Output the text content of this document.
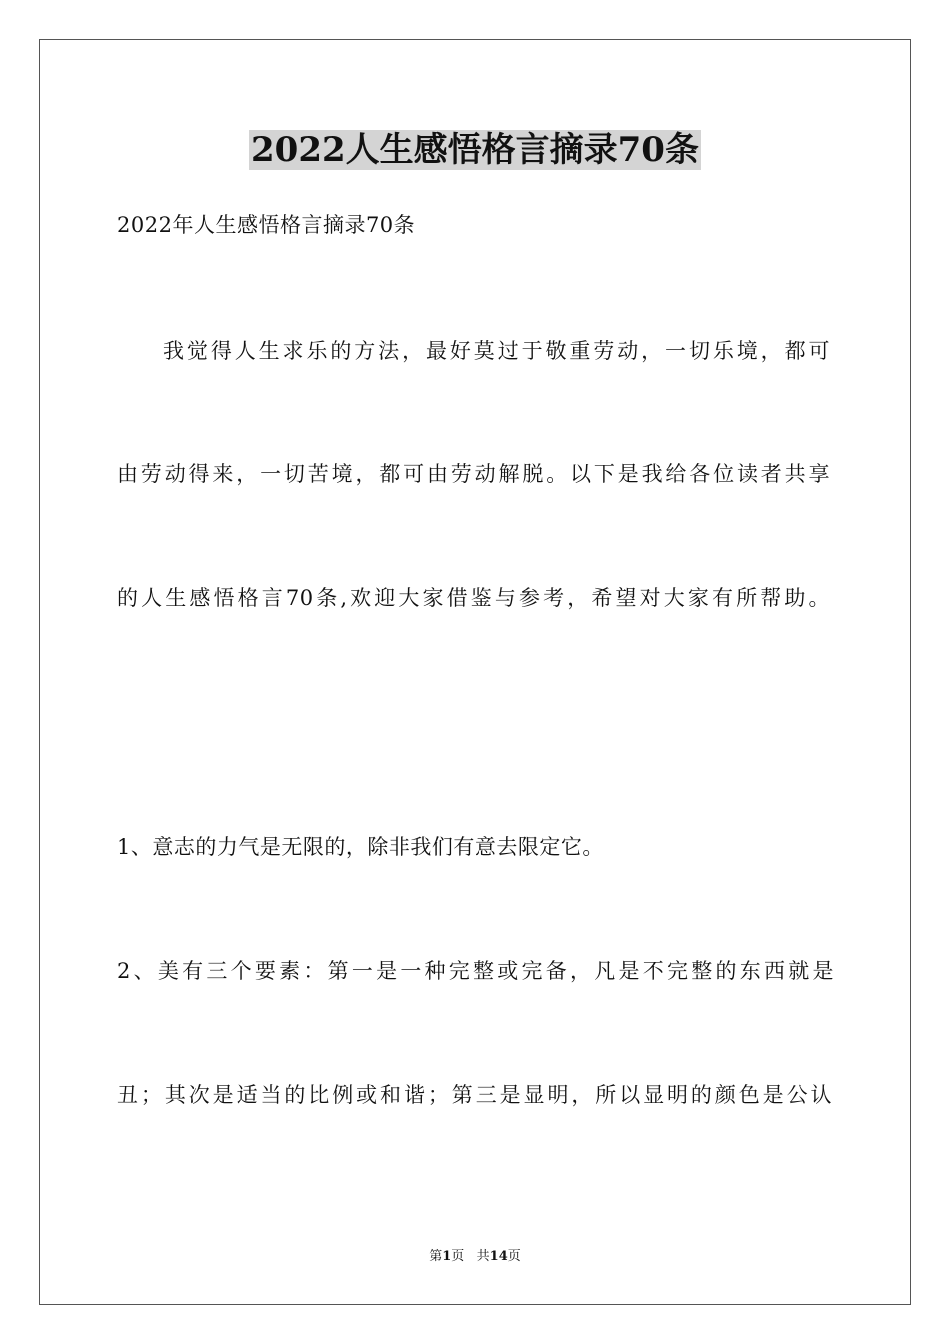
2022人生感悟格言摘录70条
2022年人生感悟格言摘录70条
我觉得人生求乐的方法，最好莫过于敬重劳动，一切乐境，都可
由劳动得来，一切苦境，都可由劳动解脱。以下是我给各位读者共享
的人生感悟格言70条,欢迎大家借鉴与参考，希望对大家有所帮助。
1、意志的力气是无限的，除非我们有意去限定它。
2、美有三个要素：第一是一种完整或完备，凡是不完整的东西就是
丑；其次是适当的比例或和谐；第三是显明，所以显明的颜色是公认
第1页   共14页
